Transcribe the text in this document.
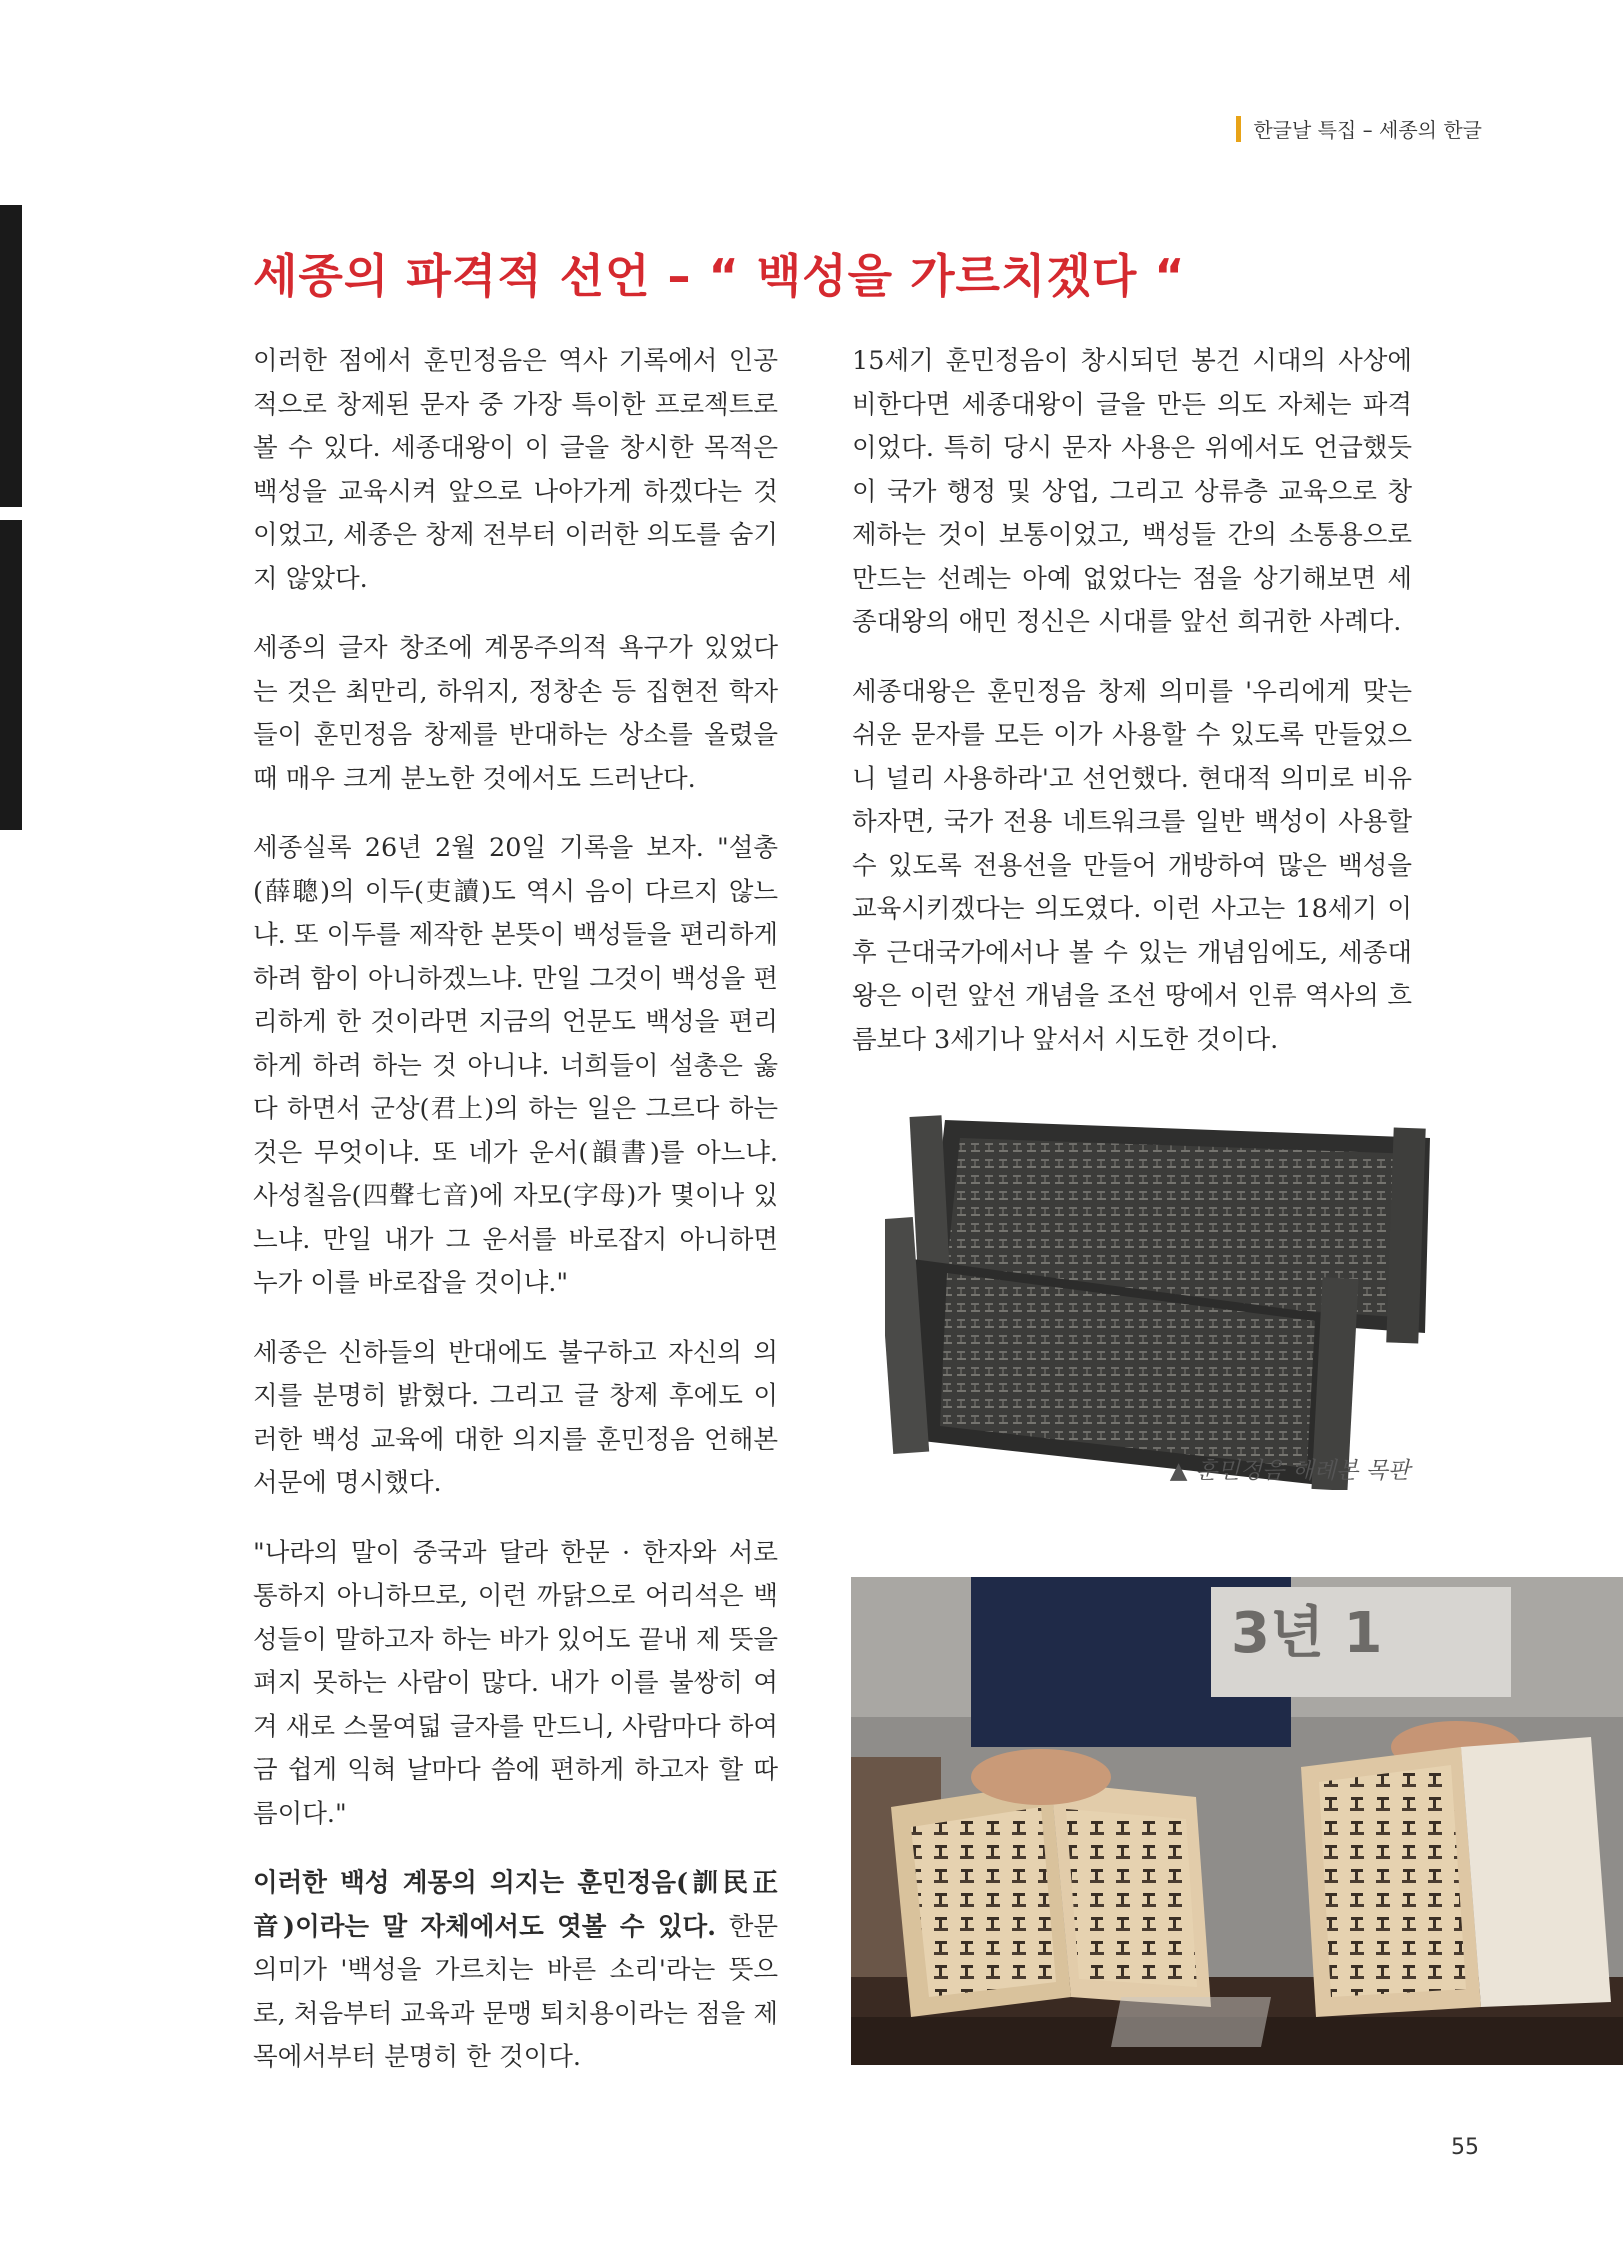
한글날 특집 – 세종의 한글
세종의 파격적 선언 – “ 백성을 가르치겠다 “

이러한 점에서 훈민정음은 역사 기록에서 인공적으로 창제된 문자 중 가장 특이한 프로젝트로 볼 수 있다. 세종대왕이 이 글을 창시한 목적은 백성을 교육시켜 앞으로 나아가게 하겠다는 것이었고, 세종은 창제 전부터 이러한 의도를 숨기지 않았다.

세종의 글자 창조에 계몽주의적 욕구가 있었다는 것은 최만리, 하위지, 정창손 등 집현전 학자들이 훈민정음 창제를 반대하는 상소를 올렸을 때 매우 크게 분노한 것에서도 드러난다.

세종실록 26년 2월 20일 기록을 보자. "설총(薛聰)의 이두(吏讀)도 역시 음이 다르지 않느냐. 또 이두를 제작한 본뜻이 백성들을 편리하게 하려 함이 아니하겠느냐. 만일 그것이 백성을 편리하게 한 것이라면 지금의 언문도 백성을 편리하게 하려 하는 것 아니냐. 너희들이 설총은 옳다 하면서 군상(君上)의 하는 일은 그르다 하는 것은 무엇이냐. 또 네가 운서(韻書)를 아느냐. 사성칠음(四聲七音)에 자모(字母)가 몇이나 있느냐. 만일 내가 그 운서를 바로잡지 아니하면 누가 이를 바로잡을 것이냐."

세종은 신하들의 반대에도 불구하고 자신의 의지를 분명히 밝혔다. 그리고 글 창제 후에도 이러한 백성 교육에 대한 의지를 훈민정음 언해본 서문에 명시했다.

"나라의 말이 중국과 달라 한문 · 한자와 서로 통하지 아니하므로, 이런 까닭으로 어리석은 백성들이 말하고자 하는 바가 있어도 끝내 제 뜻을 펴지 못하는 사람이 많다. 내가 이를 불쌍히 여겨 새로 스물여덟 글자를 만드니, 사람마다 하여금 쉽게 익혀 날마다 씀에 편하게 하고자 할 따름이다."

이러한 백성 계몽의 의지는 훈민정음(訓民正音)이라는 말 자체에서도 엿볼 수 있다. 한문 의미가 '백성을 가르치는 바른 소리'라는 뜻으로, 처음부터 교육과 문맹 퇴치용이라는 점을 제목에서부터 분명히 한 것이다.

15세기 훈민정음이 창시되던 봉건 시대의 사상에 비한다면 세종대왕이 글을 만든 의도 자체는 파격이었다. 특히 당시 문자 사용은 위에서도 언급했듯이 국가 행정 및 상업, 그리고 상류층 교육으로 창제하는 것이 보통이었고, 백성들 간의 소통용으로 만드는 선례는 아예 없었다는 점을 상기해보면 세종대왕의 애민 정신은 시대를 앞선 희귀한 사례다.

세종대왕은 훈민정음 창제 의미를 '우리에게 맞는 쉬운 문자를 모든 이가 사용할 수 있도록 만들었으니 널리 사용하라'고 선언했다. 현대적 의미로 비유하자면, 국가 전용 네트워크를 일반 백성이 사용할 수 있도록 전용선을 만들어 개방하여 많은 백성을 교육시키겠다는 의도였다. 이런 사고는 18세기 이후 근대국가에서나 볼 수 있는 개념임에도, 세종대왕은 이런 앞선 개념을 조선 땅에서 인류 역사의 흐름보다 3세기나 앞서서 시도한 것이다.

▲ 훈민정음 해례본 목판
3년 1
55
